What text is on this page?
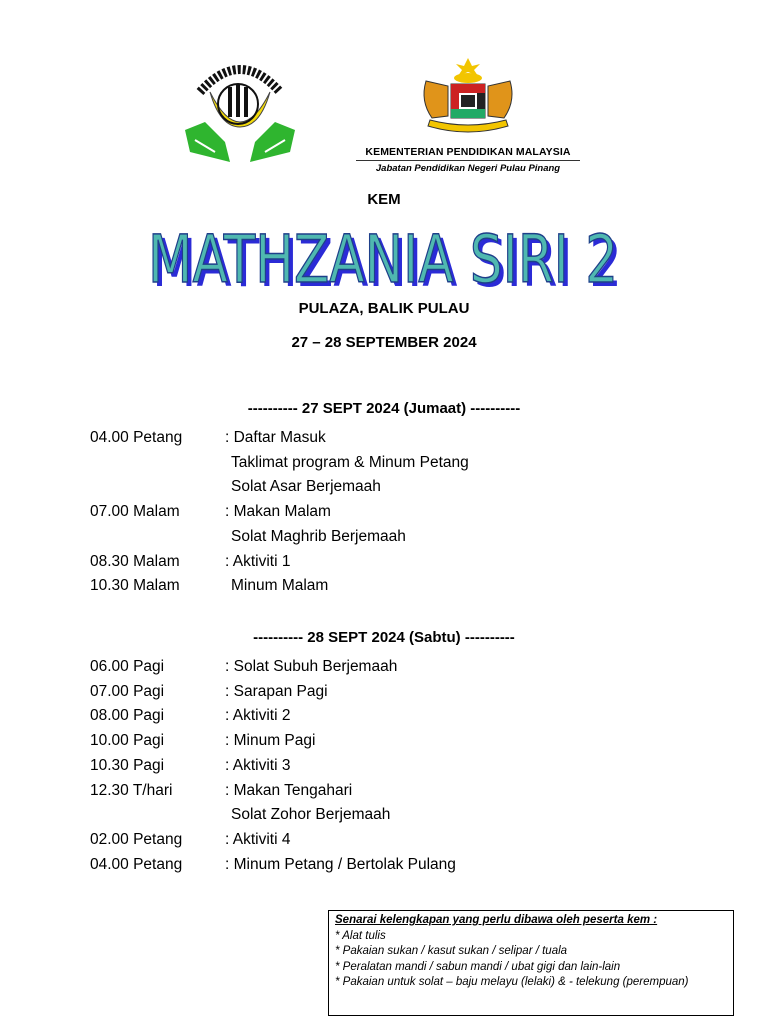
KEMENTERIAN PENDIDIKAN MALAYSIA
Jabatan Pendidikan Negeri Pulau Pinang
KEM
MATHZANIA SIRI 2
MATHZANIA SIRI 2
PULAZA, BALIK PULAU
27 – 28 SEPTEMBER 2024
---------- 27 SEPT 2024 (Jumaat) ----------
04.00 Petang	: Daftar Masuk
Taklimat program & Minum Petang
Solat Asar Berjemaah
07.00 Malam	: Makan Malam
Solat Maghrib Berjemaah
08.30 Malam	: Aktiviti 1
10.30 Malam	Minum Malam
---------- 28 SEPT 2024 (Sabtu) ----------
06.00 Pagi	: Solat Subuh Berjemaah
07.00 Pagi	: Sarapan Pagi
08.00 Pagi	: Aktiviti 2
10.00 Pagi	: Minum Pagi
10.30 Pagi	: Aktiviti 3
12.30 T/hari	: Makan Tengahari
Solat Zohor Berjemaah
02.00 Petang	: Aktiviti 4
04.00 Petang	: Minum Petang / Bertolak Pulang
Senarai kelengkapan yang perlu dibawa oleh peserta kem :
* Alat tulis
* Pakaian sukan / kasut sukan / selipar / tuala
* Peralatan mandi / sabun mandi / ubat gigi dan lain-lain
* Pakaian untuk solat – baju melayu (lelaki) & - telekung (perempuan)
